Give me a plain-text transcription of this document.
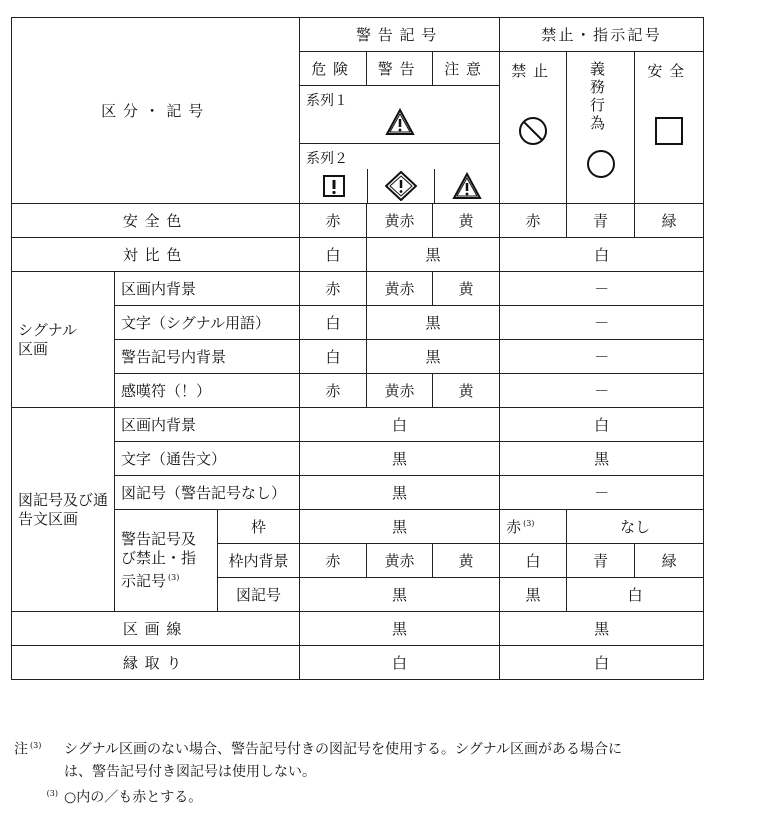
区分・記号			警告記号			禁止・指示記号		
			危険	警告	注意	禁止	義務行為	安全

			系列１					

			系列２					

安全色			赤	黄赤	黄	赤	青	緑
対比色			白	黒		白		

シグナル区画	区画内背景		赤	黄赤	黄	－		
	文字（シグナル用語）		白	黒		－		
	警告記号内背景		白	黒		－		
	感嘆符（！）		赤	黄赤	黄	－		

図記号及び通告文区画	区画内背景		白			白		
	文字（通告文）		黒			黒		
	図記号（警告記号なし）		黒			－		

	警告記号及び禁止・指示記号 $^{(3)}$	枠	黒			赤 $^{(3)}$	なし	
		枠内背景	赤	黄赤	黄	白	青	緑
		図記号	黒			黒	白	
区画線			黒			黒		
縁取り			白			白		
注 $^{(3)}$ シグナル区画のない場合、警告記号付きの図記号を使用する。シグナル区画がある場合に
は、警告記号付き図記号は使用しない。
$^{(3)}$ ○内の／も赤とする。
